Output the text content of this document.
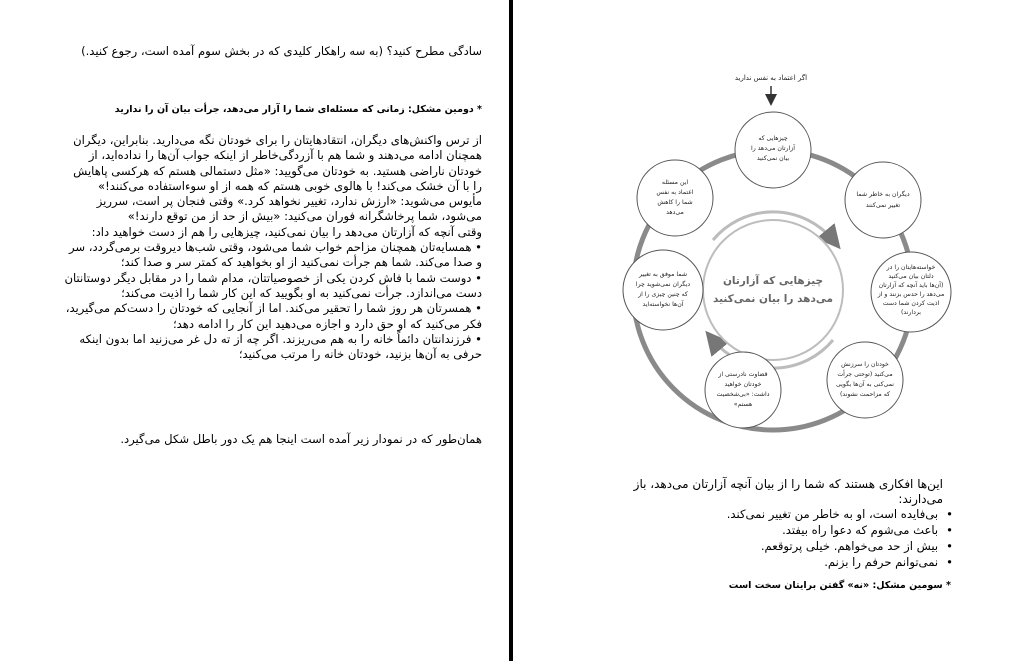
سادگی مطرح کنید؟ (به سه راهکار کلیدی که در بخش سوم آمده است، رجوع کنید.)

* دومین مشکل: زمانی که مسئله‌ای شما را آزار می‌دهد، جرأت بیان آن را ندارید

از ترس واکنش‌های دیگران، انتقادهایتان را برای خودتان نگه می‌دارید. بنابراین، دیگران همچنان ادامه می‌دهند و شما هم با آزردگی‌خاطر از اینکه جواب آن‌ها را نداده‌اید، از خودتان ناراضی هستید. به خودتان می‌گویید: «مثل دستمالی هستم که هرکسی پاهایش را با آن خشک می‌کند! با هالوی خوبی هستم که همه از او سوءاستفاده می‌کنند!» مأیوس می‌شوید: «ارزش ندارد، تغییر نخواهد کرد.» وقتی فنجان پر است، سرریز می‌شود، شما پرخاشگرانه فوران می‌کنید: «بیش از حد از من توقع دارند!»
وقتی آنچه که آزارتان می‌دهد را بیان نمی‌کنید، چیزهایی را هم از دست خواهید داد:
• همسایه‌تان همچنان مزاحم خواب شما می‌شود، وقتی شب‌ها دیروقت برمی‌گردد، سر و صدا می‌کند. شما هم جرأت نمی‌کنید از او بخواهید که کمتر سر و صدا کند؛
• دوست شما با فاش کردن یکی از خصوصیاتتان، مدام شما را در مقابل دیگر دوستانتان دست می‌اندازد. جرأت نمی‌کنید به او بگویید که این کار شما را اذیت می‌کند؛
• همسرتان هر روز شما را تحقیر می‌کند. اما از آنجایی که خودتان را دست‌کم می‌گیرید، فکر می‌کنید که او حق دارد و اجازه می‌دهید این کار را ادامه دهد؛
• فرزندانتان دائماً خانه را به هم می‌ریزند. اگر چه از ته دل غر می‌زنید اما بدون اینکه حرفی به آن‌ها بزنید، خودتان خانه را مرتب می‌کنید؛

همان‌طور که در نمودار زیر آمده است اینجا هم یک دور باطل شکل می‌گیرد.

اگر اعتماد به نفس ندارید
چیزهایی که آزارتان
می‌دهد را بیان نمی‌کنید
چیزهایی که
آزارتان می‌دهد را
بیان نمی‌کنید
دیگران به خاطر شما
تغییر نمی‌کنند
خواسته‌هایتان را در
دلتان بیان می‌کنید
(آن‌ها باید آنچه که آزارتان
می‌دهد را حدس بزنند و از
اذیت کردن شما دست
بردارند)
خودتان را سرزنش
می‌کنید (توحتی جرأت
نمی‌کنی به آن‌ها بگویی
که مزاحمت نشوند)
قضاوت نادرستی از
خودتان خواهید
داشت: «بی‌شخصیت
هستم»
شما موفق به تغییر
دیگران نمی‌شوید چرا
که چنین چیزی را از
آن‌ها نخواسته‌اید
این مسئله
اعتماد به نفس
شما را کاهش
می‌دهد

این‌ها افکاری هستند که شما را از بیان آنچه آزارتان می‌دهد، باز می‌دارند:

• بی‌فایده است، او به خاطر من تغییر نمی‌کند.
• باعث می‌شوم که دعوا راه بیفتد.
• بیش از حد می‌خواهم. خیلی پرتوقعم.
• نمی‌توانم حرفم را بزنم.

* سومین مشکل: «نه» گفتن برایتان سخت است
